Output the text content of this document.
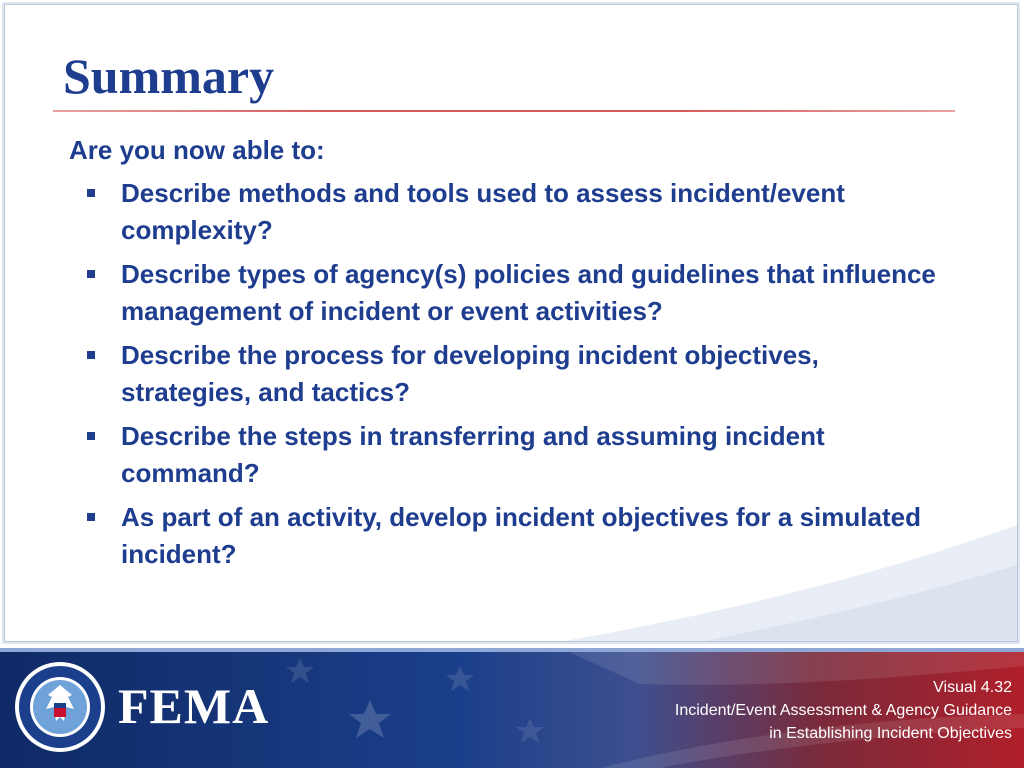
Summary

Are you now able to:

Describe methods and tools used to assess incident/event complexity?
Describe types of agency(s) policies and guidelines that influence management of incident or event activities?
Describe the process for developing incident objectives, strategies, and tactics?
Describe the steps in transferring and assuming incident command?
As part of an activity, develop incident objectives for a simulated incident?
FEMA	Visual 4.32
Incident/Event Assessment & Agency Guidance
in Establishing Incident Objectives
